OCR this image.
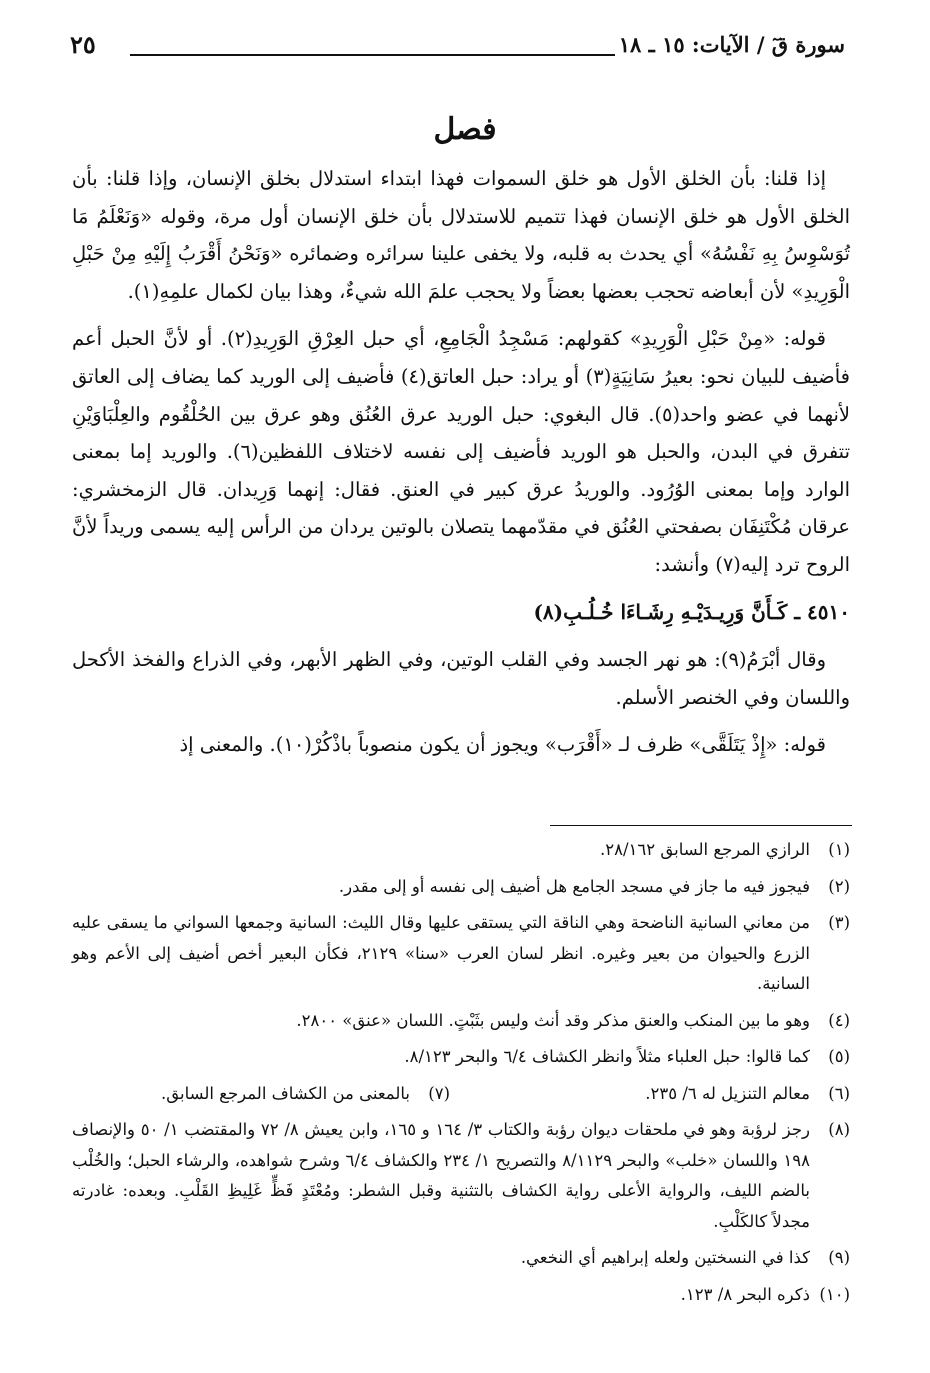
سورة قٓ / الآيات: ١٥ ـ ١٨
٢٥
فصل

إذا قلنا: بأن الخلق الأول هو خلق السموات فهذا ابتداء استدلال بخلق الإنسان، وإذا قلنا: بأن الخلق الأول هو خلق الإنسان فهذا تتميم للاستدلال بأن خلق الإنسان أول مرة، وقوله «وَنَعْلَمُ مَا تُوَسْوِسُ بِهِ نَفْسُهُ» أي يحدث به قلبه، ولا يخفى علينا سرائره وضمائره «وَنَحْنُ أَقْرَبُ إِلَيْهِ مِنْ حَبْلِ الْوَرِيدِ» لأن أبعاضه تحجب بعضها بعضاً ولا يحجب علمَ الله شيءٌ، وهذا بيان لكمال علمِهِ(١).

قوله: «مِنْ حَبْلِ الْوَرِيدِ» كقولهم: مَسْجِدُ الْجَامِعِ، أي حبل العِرْقِ الوَرِيدِ(٢). أو لأنَّ الحبل أعم فأضيف للبيان نحو: بعيرُ سَانِيَةٍ(٣) أو يراد: حبل العاتق(٤) فأضيف إلى الوريد كما يضاف إلى العاتق لأنهما في عضو واحد(٥). قال البغوي: حبل الوريد عرق العُنُق وهو عرق بين الحُلْقُوم والعِلْبَاوَيْنِ تتفرق في البدن، والحبل هو الوريد فأضيف إلى نفسه لاختلاف اللفظين(٦). والوريد إما بمعنى الوارد وإما بمعنى الوُرُود. والوريدُ عرق كبير في العنق. فقال: إنهما وَرِيدان. قال الزمخشري: عرقان مُكْتَنِفَان بصفحتي العُنُق في مقدّمهما يتصلان بالوتين يردان من الرأس إليه يسمى وريداً لأنَّ الروح ترد إليه(٧) وأنشد:

٤٥١٠ ـ كَـأَنَّ وَرِيـدَيْـهِ رِشَـاءَا خُـلُـبِ(٨)

وقال أبْرَمُ(٩): هو نهر الجسد وفي القلب الوتين، وفي الظهر الأبهر، وفي الذراع والفخذ الأكحل واللسان وفي الخنصر الأسلم.

قوله: «إِذْ يَتَلَقَّى» ظرف لـ «أَقْرَب» ويجوز أن يكون منصوباً باذْكُرْ(١٠). والمعنى إذ

(١)
الرازي المرجع السابق ٢٨/١٦٢.
(٢)
فيجوز فيه ما جاز في مسجد الجامع هل أضيف إلى نفسه أو إلى مقدر.
(٣)
من معاني السانية الناضحة وهي الناقة التي يستقى عليها وقال الليث: السانية وجمعها السواني ما يسقى عليه الزرع والحيوان من بعير وغيره. انظر لسان العرب «سنا» ٢١٢٩، فكأن البعير أخص أضيف إلى الأعم وهو السانية.
(٤)
وهو ما بين المنكب والعنق مذكر وقد أنث وليس بثَبْتٍ. اللسان «عنق» ٢٨٠٠.
(٥)
كما قالوا: حبل العلباء مثلاً وانظر الكشاف ٦/٤ والبحر ٨/١٢٣.
(٦)
معالم التنزيل له ٦/ ٢٣٥.
(٧)
بالمعنى من الكشاف المرجع السابق.
(٨)
رجز لرؤبة وهو في ملحقات ديوان رؤبة والكتاب ٣/ ١٦٤ و ١٦٥، وابن يعيش ٨/ ٧٢ والمقتضب ١/ ٥٠ والإنصاف ١٩٨ واللسان «خلب» والبحر ٨/١١٢٩ والتصريح ١/ ٢٣٤ والكشاف ٦/٤ وشرح شواهده، والرشاء الحبل؛ والخُلْب بالضم الليف، والرواية الأعلى رواية الكشاف بالتثنية وقبل الشطر: ومُعْتَدٍ فَظٍّ غَلِيظِ القَلْبِ. وبعده: غادرته مجدلاً كالكَلْبِ.
(٩)
كذا في النسختين ولعله إبراهيم أي النخعي.
(١٠)
ذكره البحر ٨/ ١٢٣.
